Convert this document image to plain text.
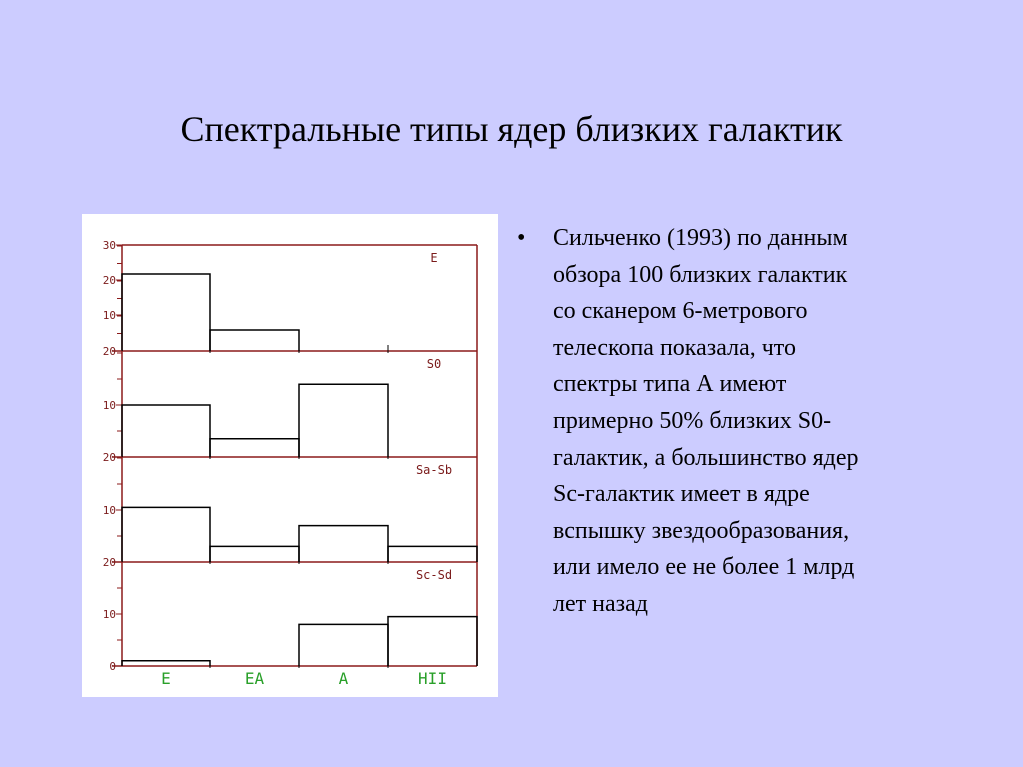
Спектральные типы ядер близких галактик
30
20
10
E
20
10
S0
20
10
Sa-Sb
20
10
0
Sc-Sd
E	EA	A	HII
• Сильченко (1993) по данным
обзора 100 близких галактик
со сканером 6-метрового
телескопа показала, что
спектры типа А имеют
примерно 50% близких S0-
галактик, а большинство ядер
Sc-галактик имеет в ядре
вспышку звездообразования,
или имело ее не более 1 млрд
лет назад
